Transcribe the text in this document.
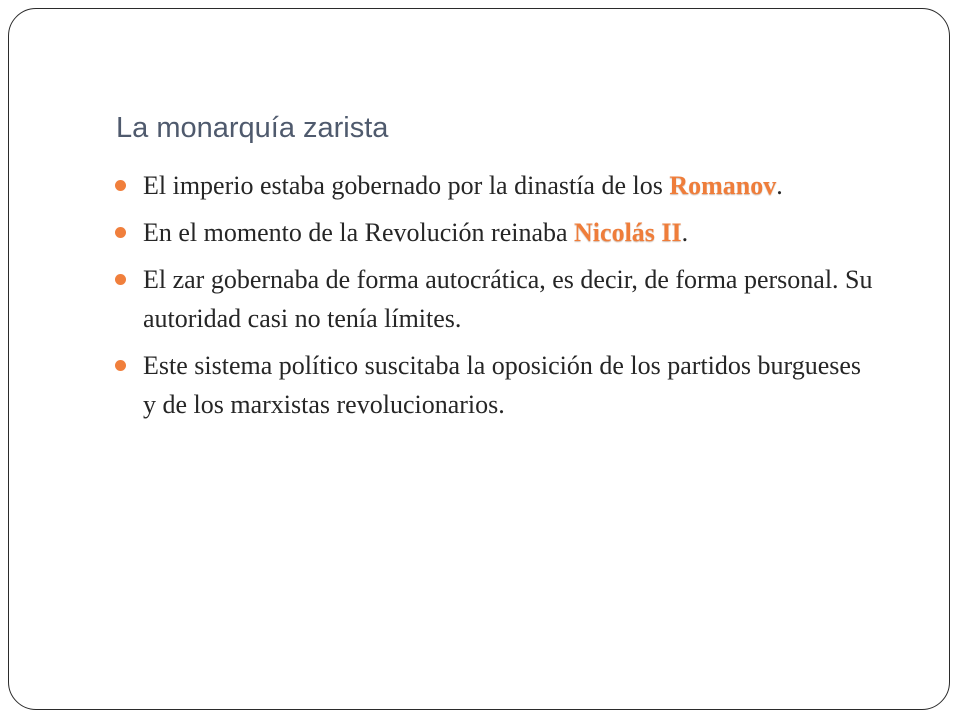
La monarquía zarista
El imperio estaba gobernado por la dinastía de los Romanov.
En el momento de la Revolución reinaba Nicolás II.
El zar gobernaba de forma autocrática, es decir, de forma personal. Su autoridad casi no tenía límites.
Este sistema político suscitaba la oposición de los partidos burgueses y de los marxistas revolucionarios.
